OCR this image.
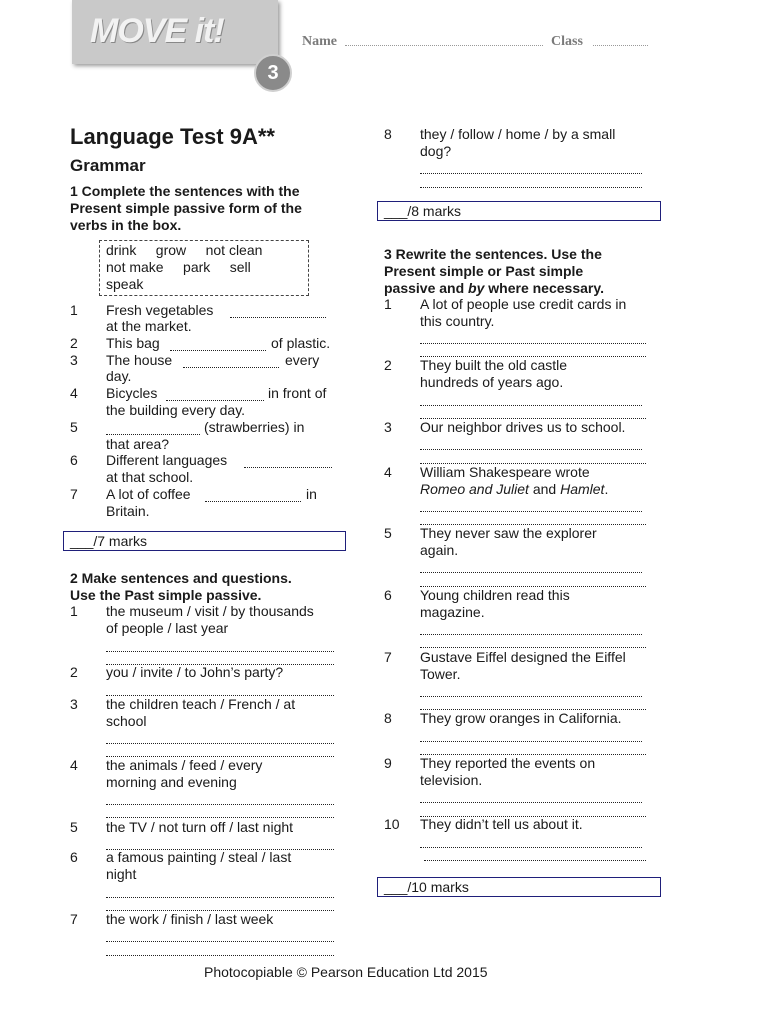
MOVE it!
3
Name	Class
Language Test 9A**
Grammar
1 Complete the sentences with the
Present simple passive form of the
verbs in the box.
drink     grow     not clean
not make     park     sell
speak
1 Fresh vegetables
at the market.
2 This bag	of plastic.
3 The house	every
day.
4 Bicycles	in front of
the building every day.
5	(strawberries) in
that area?
6 Different languages
at that school.
7 A lot of coffee	in
Britain.
___/7 marks
2 Make sentences and questions.
Use the Past simple passive.
1 the museum / visit / by thousands
of people / last year
2 you / invite / to John’s party?
3 the children teach / French / at
school
4 the animals / feed / every
morning and evening
5 the TV / not turn off / last night
6 a famous painting / steal / last
night
7 the work / finish / last week
8 they / follow / home / by a small
dog?
___/8 marks
3 Rewrite the sentences. Use the
Present simple or Past simple
passive and by where necessary.
1 A lot of people use credit cards in
this country.
2 They built the old castle
hundreds of years ago.
3 Our neighbor drives us to school.
4 William Shakespeare wrote
Romeo and Juliet and Hamlet.
5 They never saw the explorer
again.
6 Young children read this
magazine.
7 Gustave Eiffel designed the Eiffel
Tower.
8 They grow oranges in California.
9 They reported the events on
television.
10 They didn’t tell us about it.
___/10 marks
Photocopiable © Pearson Education Ltd 2015
